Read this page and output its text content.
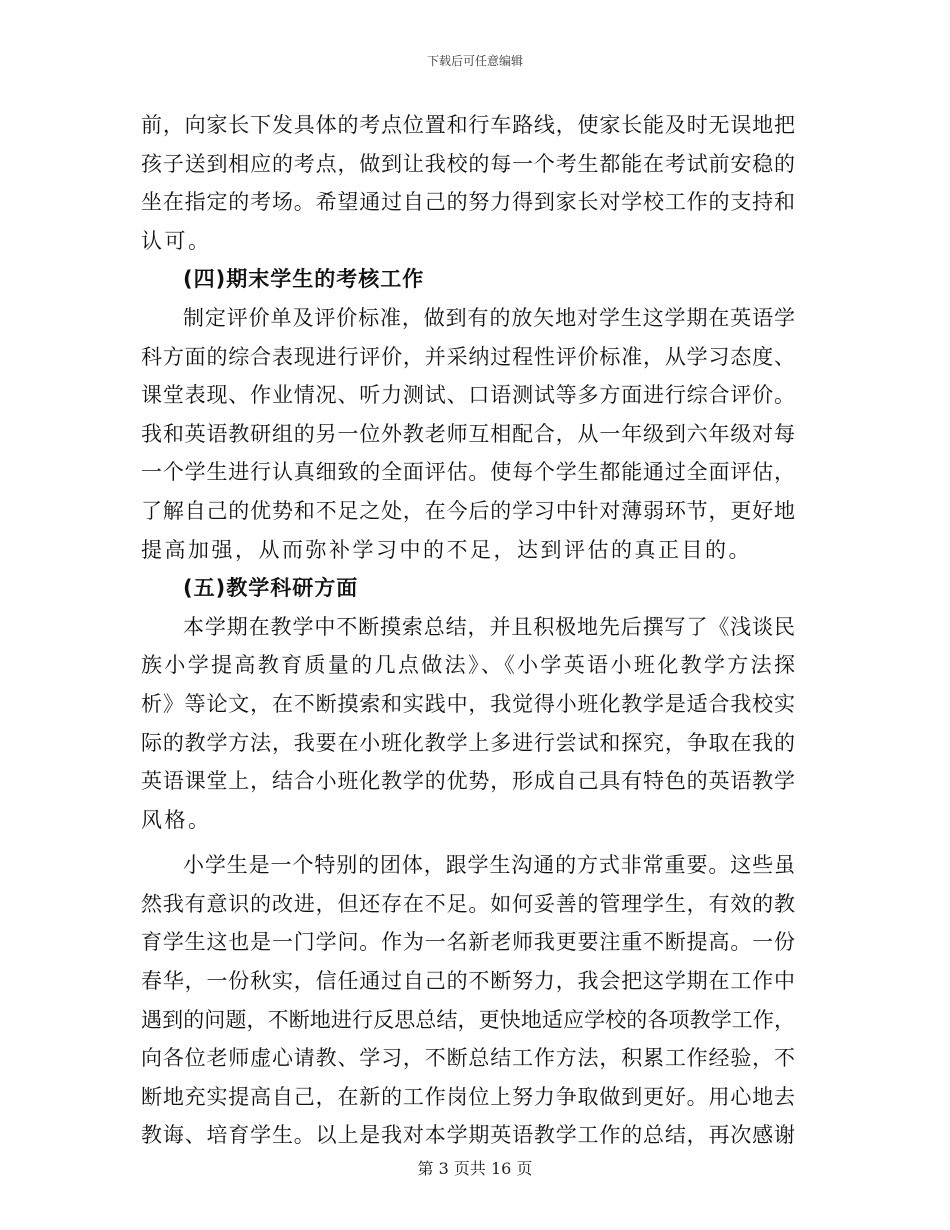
下载后可任意编辑
前，向家长下发具体的考点位置和行车路线，使家长能及时无误地把
孩子送到相应的考点，做到让我校的每一个考生都能在考试前安稳的
坐在指定的考场。希望通过自己的努力得到家长对学校工作的支持和
认可。
(四)期末学生的考核工作
制定评价单及评价标准，做到有的放矢地对学生这学期在英语学
科方面的综合表现进行评价，并采纳过程性评价标准，从学习态度、
课堂表现、作业情况、听力测试、口语测试等多方面进行综合评价。
我和英语教研组的另一位外教老师互相配合，从一年级到六年级对每
一个学生进行认真细致的全面评估。使每个学生都能通过全面评估，
了解自己的优势和不足之处，在今后的学习中针对薄弱环节，更好地
提高加强，从而弥补学习中的不足，达到评估的真正目的。
(五)教学科研方面
本学期在教学中不断摸索总结，并且积极地先后撰写了《浅谈民
族小学提高教育质量的几点做法》、《小学英语小班化教学方法探
析》等论文，在不断摸索和实践中，我觉得小班化教学是适合我校实
际的教学方法，我要在小班化教学上多进行尝试和探究，争取在我的
英语课堂上，结合小班化教学的优势，形成自己具有特色的英语教学
风格。
小学生是一个特别的团体，跟学生沟通的方式非常重要。这些虽
然我有意识的改进，但还存在不足。如何妥善的管理学生，有效的教
育学生这也是一门学问。作为一名新老师我更要注重不断提高。一份
春华，一份秋实，信任通过自己的不断努力，我会把这学期在工作中
遇到的问题，不断地进行反思总结，更快地适应学校的各项教学工作，
向各位老师虚心请教、学习，不断总结工作方法，积累工作经验，不
断地充实提高自己，在新的工作岗位上努力争取做到更好。用心地去
教诲、培育学生。以上是我对本学期英语教学工作的总结，再次感谢
第 3 页共 16 页
